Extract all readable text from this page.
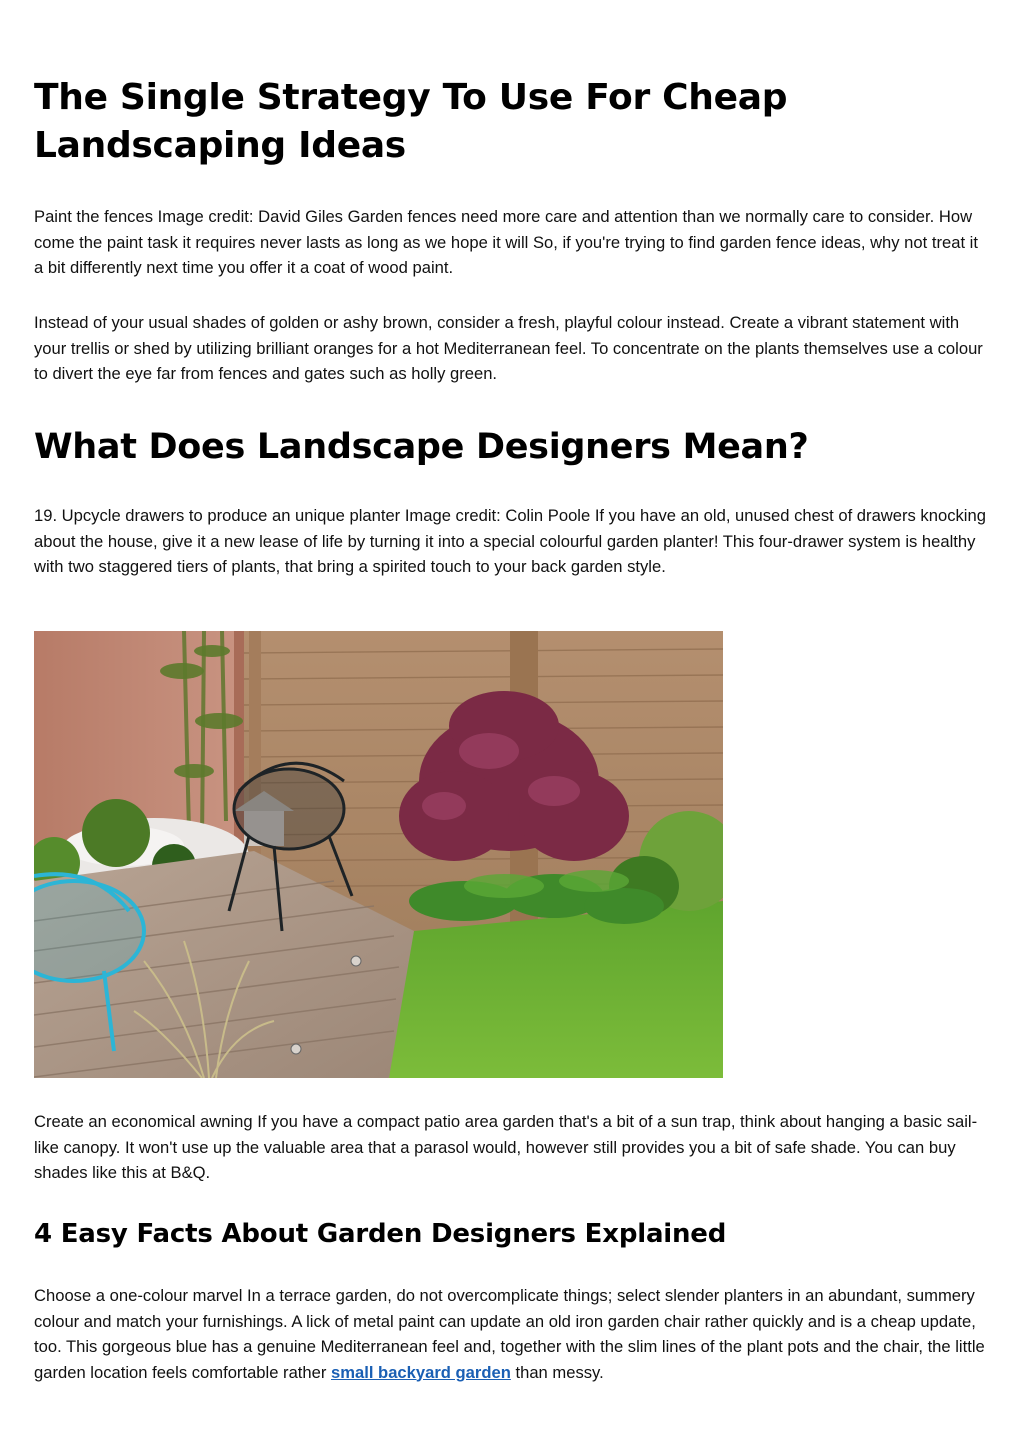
The Single Strategy To Use For Cheap Landscaping Ideas

Paint the fences Image credit: David Giles Garden fences need more care and attention than we normally care to consider. How come the paint task it requires never lasts as long as we hope it will So, if you're trying to find garden fence ideas, why not treat it a bit differently next time you offer it a coat of wood paint.

Instead of your usual shades of golden or ashy brown, consider a fresh, playful colour instead. Create a vibrant statement with your trellis or shed by utilizing brilliant oranges for a hot Mediterranean feel. To concentrate on the plants themselves use a colour to divert the eye far from fences and gates such as holly green.

What Does Landscape Designers Mean?

19. Upcycle drawers to produce an unique planter Image credit: Colin Poole If you have an old, unused chest of drawers knocking about the house, give it a new lease of life by turning it into a special colourful garden planter! This four-drawer system is healthy with two staggered tiers of plants, that bring a spirited touch to your back garden style.

Create an economical awning If you have a compact patio area garden that's a bit of a sun trap, think about hanging a basic sail-like canopy. It won't use up the valuable area that a parasol would, however still provides you a bit of safe shade. You can buy shades like this at B&Q.

4 Easy Facts About Garden Designers Explained

Choose a one-colour marvel In a terrace garden, do not overcomplicate things; select slender planters in an abundant, summery colour and match your furnishings. A lick of metal paint can update an old iron garden chair rather quickly and is a cheap update, too. This gorgeous blue has a genuine Mediterranean feel and, together with the slim lines of the plant pots and the chair, the little garden location feels comfortable rather small backyard garden than messy.
